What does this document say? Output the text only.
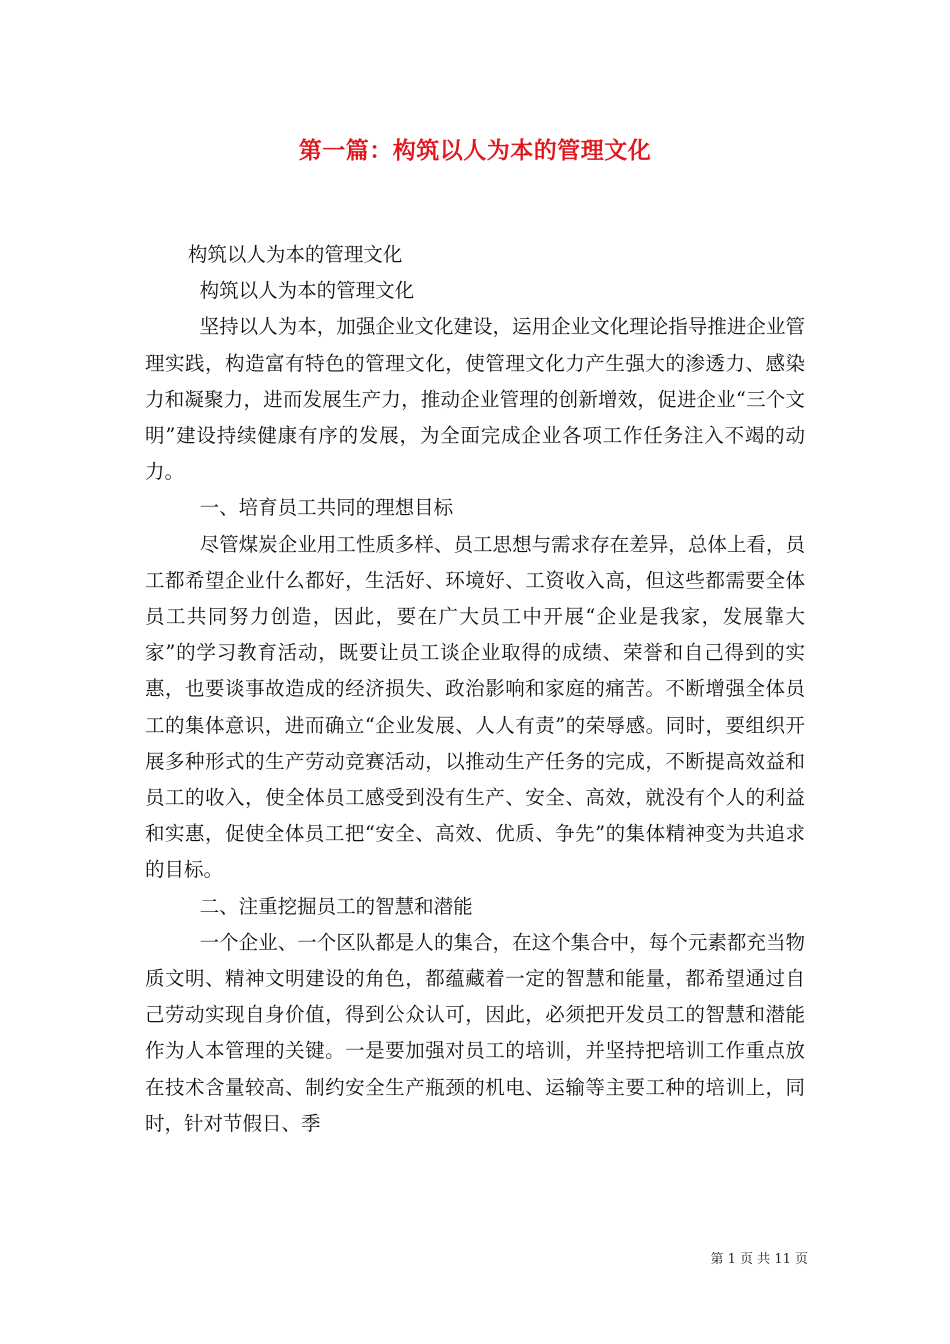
第一篇：构筑以人为本的管理文化

构筑以人为本的管理文化

构筑以人为本的管理文化

坚持以人为本，加强企业文化建设，运用企业文化理论指导推进企业管理实践，构造富有特色的管理文化，使管理文化力产生强大的渗透力、感染力和凝聚力，进而发展生产力，推动企业管理的创新增效，促进企业“三个文明”建设持续健康有序的发展，为全面完成企业各项工作任务注入不竭的动力。

一、培育员工共同的理想目标

尽管煤炭企业用工性质多样、员工思想与需求存在差异，总体上看，员工都希望企业什么都好，生活好、环境好、工资收入高，但这些都需要全体员工共同努力创造，因此，要在广大员工中开展“企业是我家，发展靠大家”的学习教育活动，既要让员工谈企业取得的成绩、荣誉和自己得到的实惠，也要谈事故造成的经济损失、政治影响和家庭的痛苦。不断增强全体员工的集体意识，进而确立“企业发展、人人有责”的荣辱感。同时，要组织开展多种形式的生产劳动竞赛活动，以推动生产任务的完成，不断提高效益和员工的收入，使全体员工感受到没有生产、安全、高效，就没有个人的利益和实惠，促使全体员工把“安全、高效、优质、争先”的集体精神变为共追求的目标。

二、注重挖掘员工的智慧和潜能

一个企业、一个区队都是人的集合，在这个集合中，每个元素都充当物质文明、精神文明建设的角色，都蕴藏着一定的智慧和能量，都希望通过自己劳动实现自身价值，得到公众认可，因此，必须把开发员工的智慧和潜能作为人本管理的关键。一是要加强对员工的培训，并坚持把培训工作重点放在技术含量较高、制约安全生产瓶颈的机电、运输等主要工种的培训上，同时，针对节假日、季

第 1 页 共 11 页
